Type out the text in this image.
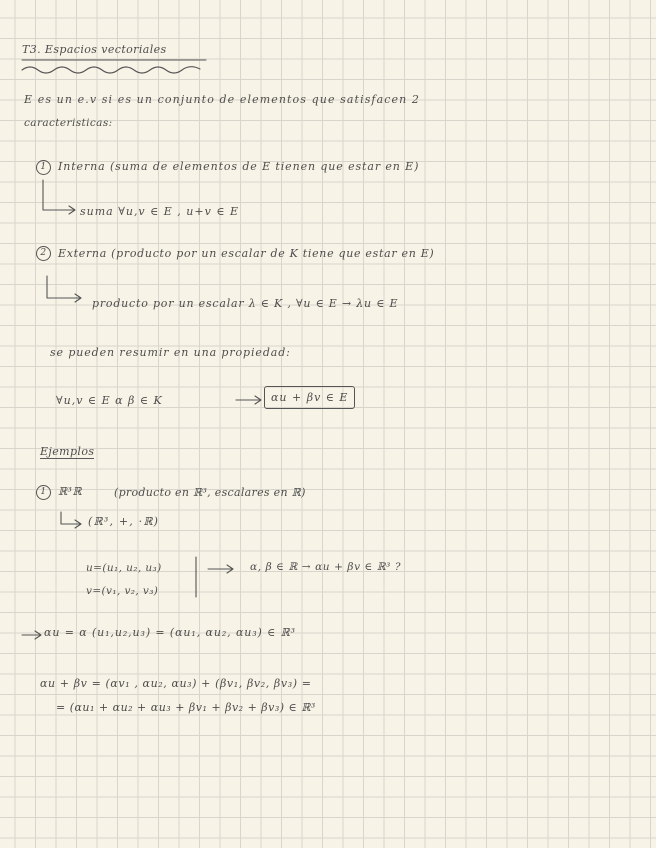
T3. Espacios vectoriales
E es un e.v si es un conjunto de elementos que satisfacen 2
caracteristicas:
1	Interna (suma de elementos de E tienen que estar en E)
suma ∀u,v ∈ E , u+v ∈ E
2	Externa (producto por un escalar de K tiene que estar en E)
producto por un escalar λ ∈ K , ∀u ∈ E → λu ∈ E
se pueden resumir en una propiedad:
∀u,v ∈ E α β ∈ K	αu + βv ∈ E
Ejemplos
1	ℝ³ℝ	(producto en ℝ³, escalares en ℝ)
(ℝ³, +, ·ℝ)
u=(u₁, u₂, u₃)
v=(v₁, v₂, v₃)
α, β ∈ ℝ → αu + βv ∈ ℝ³ ?
αu = α (u₁,u₂,u₃) = (αu₁, αu₂, αu₃) ∈ ℝ³
αu + βv = (αv₁ , αu₂, αu₃) + (βv₁, βv₂, βv₃) =
= (αu₁ + αu₂ + αu₃ + βv₁ + βv₂ + βv₃) ∈ ℝ³
